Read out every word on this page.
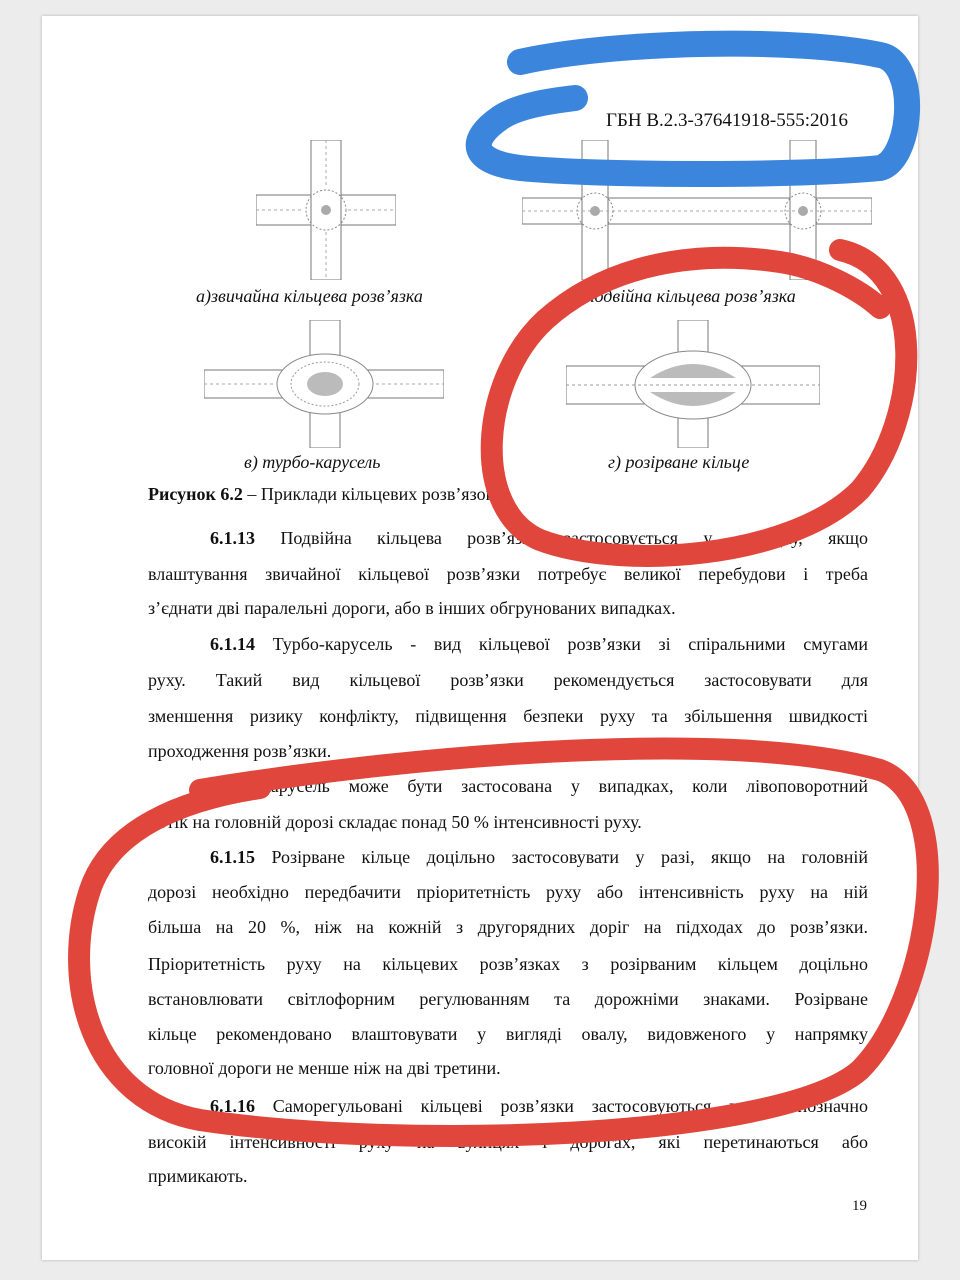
ГБН В.2.3-37641918-555:2016
а)звичайна кільцева розв’язка	б) подвійна кільцева розв’язка
в) турбо-карусель	г) розірване кільце
Рисунок 6.2 – Приклади кільцевих розв’язок
6.1.13 Подвійна кільцева розв’язка застосовується у випадку, якщо
влаштування звичайної кільцевої розв’язки потребує великої перебудови і треба
з’єднати дві паралельні дороги, або в інших обгрунованих випадках.
6.1.14 Турбо-карусель - вид кільцевої розв’язки зі спіральними смугами
руху. Такий вид кільцевої розв’язки рекомендується застосовувати для
зменшення ризику конфлікту, підвищення безпеки руху та збільшення швидкості
проходження розв’язки.
Турбо-карусель може бути застосована у випадках, коли лівоповоротний
потік на головній дорозі складає понад 50 % інтенсивності руху.
6.1.15 Розірване кільце доцільно застосовувати у разі, якщо на головній
дорозі необхідно передбачити пріоритетність руху або інтенсивність руху на ній
більша на 20 %, ніж на кожній з другорядних доріг на підходах до розв’язки.
Пріоритетність руху на кільцевих розв’язках з розірваним кільцем доцільно
встановлювати світлофорним регулюванням та дорожніми знаками. Розірване
кільце рекомендовано влаштовувати у вигляді овалу, видовженого у напрямку
головної дороги не менше ніж на дві третини.
6.1.16 Саморегульовані кільцеві розв’язки застосовуються при рівнозначно
високій інтенсивності руху на вулицях і дорогах, які перетинаються або
примикають.
19
